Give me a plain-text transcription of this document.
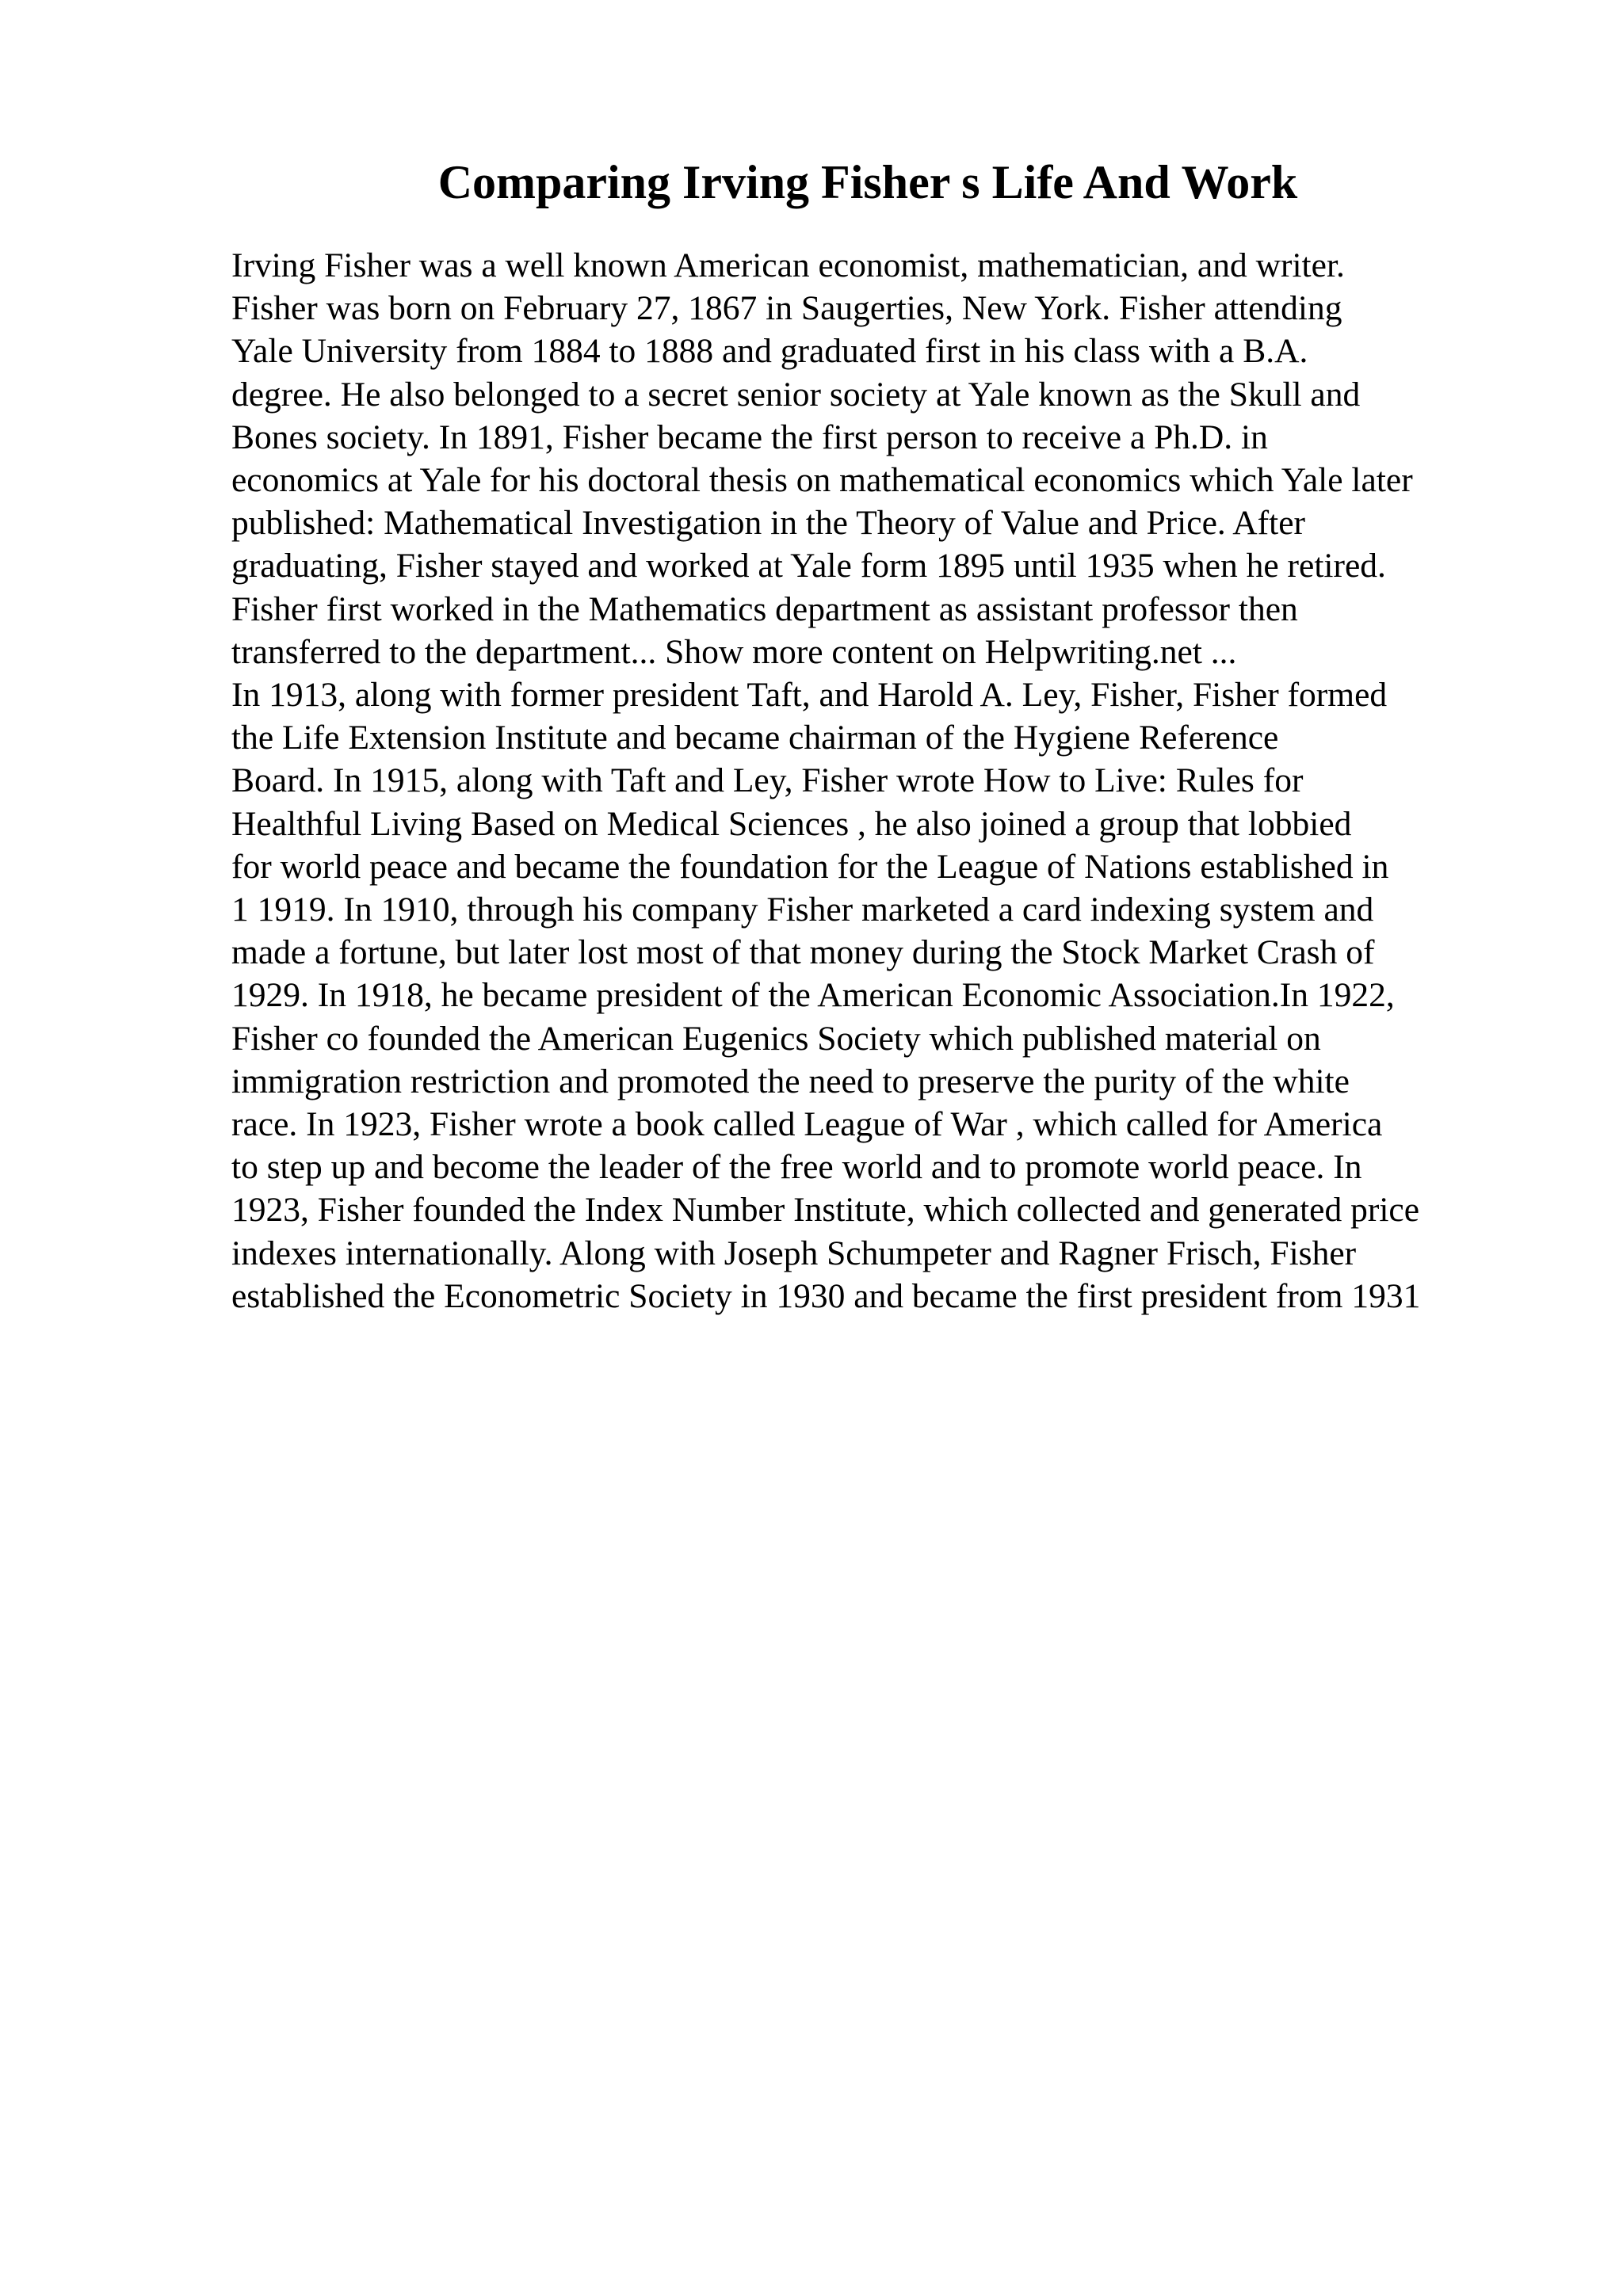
Comparing Irving Fisher s Life And Work

Irving Fisher was a well known American economist, mathematician, and writer.
Fisher was born on February 27, 1867 in Saugerties, New York. Fisher attending
Yale University from 1884 to 1888 and graduated first in his class with a B.A.
degree. He also belonged to a secret senior society at Yale known as the Skull and
Bones society. In 1891, Fisher became the first person to receive a Ph.D. in
economics at Yale for his doctoral thesis on mathematical economics which Yale later
published: Mathematical Investigation in the Theory of Value and Price. After
graduating, Fisher stayed and worked at Yale form 1895 until 1935 when he retired.
Fisher first worked in the Mathematics department as assistant professor then
transferred to the department... Show more content on Helpwriting.net ...
In 1913, along with former president Taft, and Harold A. Ley, Fisher, Fisher formed
the Life Extension Institute and became chairman of the Hygiene Reference
Board. In 1915, along with Taft and Ley, Fisher wrote How to Live: Rules for
Healthful Living Based on Medical Sciences , he also joined a group that lobbied
for world peace and became the foundation for the League of Nations established in
1 1919. In 1910, through his company Fisher marketed a card indexing system and
made a fortune, but later lost most of that money during the Stock Market Crash of
1929. In 1918, he became president of the American Economic Association.In 1922,
Fisher co founded the American Eugenics Society which published material on
immigration restriction and promoted the need to preserve the purity of the white
race. In 1923, Fisher wrote a book called League of War , which called for America
to step up and become the leader of the free world and to promote world peace. In
1923, Fisher founded the Index Number Institute, which collected and generated price
indexes internationally. Along with Joseph Schumpeter and Ragner Frisch, Fisher
established the Econometric Society in 1930 and became the first president from 1931
